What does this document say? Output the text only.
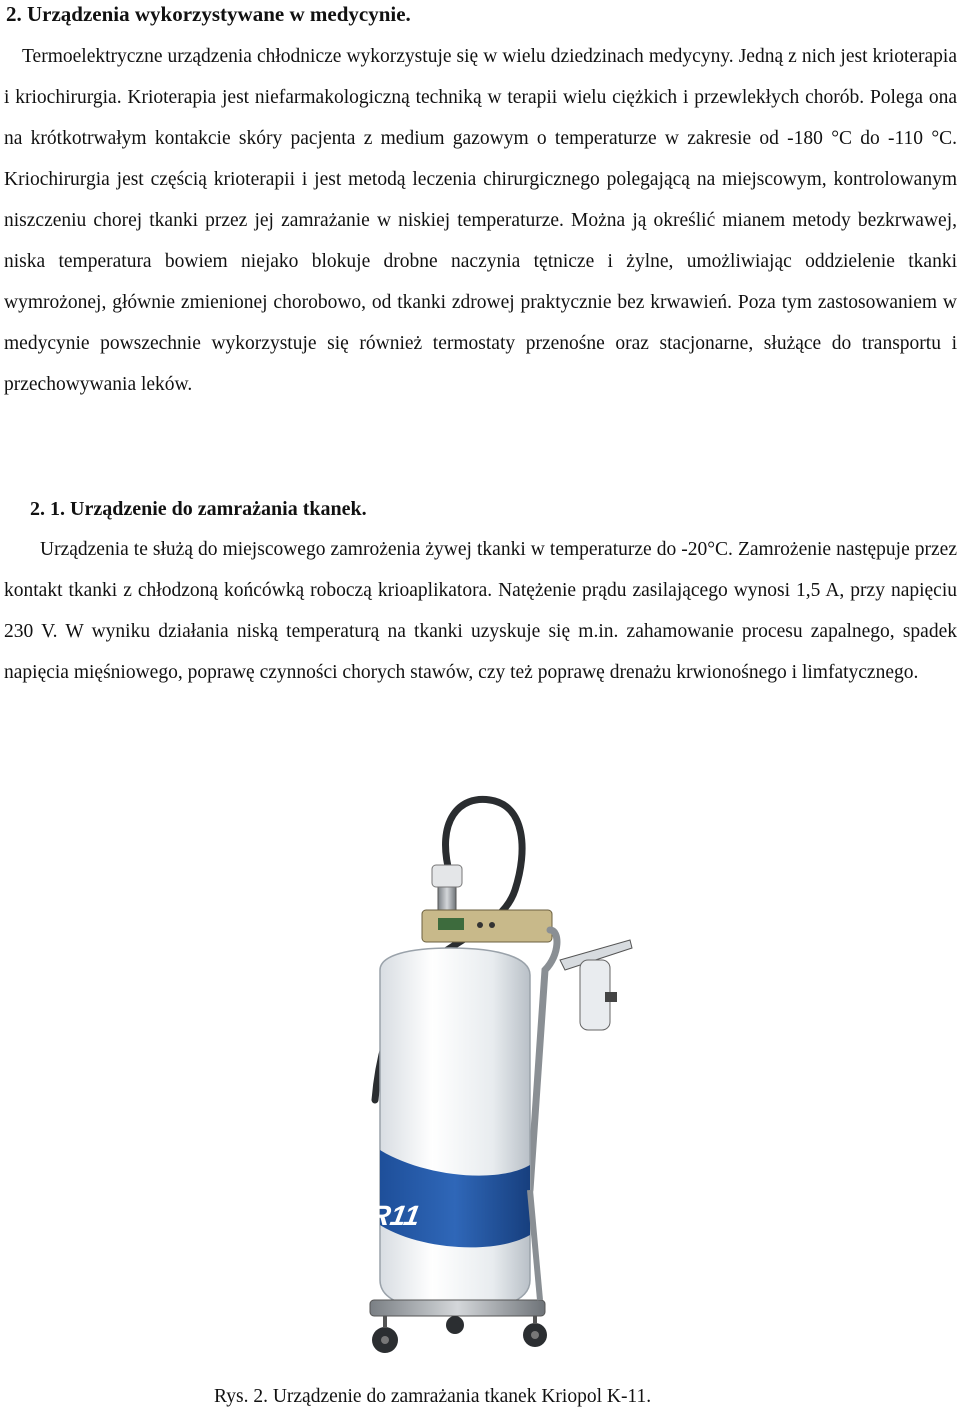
2. Urządzenia wykorzystywane w medycynie.

Termoelektryczne urządzenia chłodnicze wykorzystuje się w wielu dziedzinach medycyny. Jedną z nich jest krioterapia i kriochirurgia. Krioterapia jest niefarmakologiczną techniką w terapii wielu ciężkich i przewlekłych chorób. Polega ona na krótkotrwałym kontakcie skóry pacjenta z medium gazowym o temperaturze w zakresie od -180 °C do -110 °C. Kriochirurgia jest częścią krioterapii i jest metodą leczenia chirurgicznego polegającą na miejscowym, kontrolowanym niszczeniu chorej tkanki przez jej zamrażanie w niskiej temperaturze. Można ją określić mianem metody bezkrwawej, niska temperatura bowiem niejako blokuje drobne naczynia tętnicze i żylne, umożliwiając oddzielenie tkanki wymrożonej, głównie zmienionej chorobowo, od tkanki zdrowej praktycznie bez krwawień. Poza tym zastosowaniem w medycynie powszechnie wykorzystuje się również termostaty przenośne oraz stacjonarne, służące do transportu i przechowywania leków.

2. 1. Urządzenie do zamrażania tkanek.

Urządzenia te służą do miejscowego zamrożenia żywej tkanki w temperaturze do -20°C. Zamrożenie następuje przez kontakt tkanki z chłodzoną końcówką roboczą krioaplikatora. Natężenie prądu zasilającego wynosi 1,5 A, przy napięciu 230 V. W wyniku działania niską temperaturą na tkanki uzyskuje się m.in. zahamowanie procesu zapalnego, spadek napięcia mięśniowego, poprawę czynności chorych stawów, czy też poprawę drenażu krwionośnego i limfatycznego.

TR11

Rys. 2. Urządzenie do zamrażania tkanek Kriopol K-11.
